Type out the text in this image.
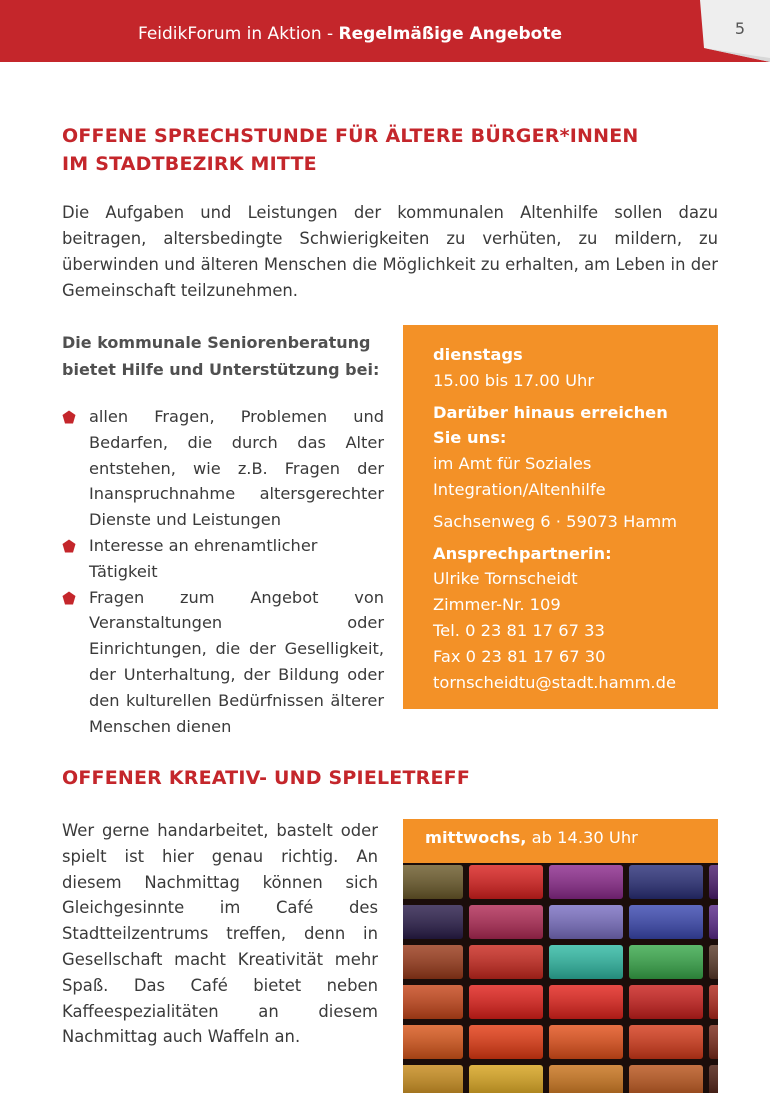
FeidikForum in Aktion - Regelmäßige Angebote	5
OFFENE SPRECHSTUNDE FÜR ÄLTERE BÜRGER*INNEN
IM STADTBEZIRK MITTE

Die Aufgaben und Leistungen der kommunalen Altenhilfe sollen dazu beitragen, altersbedingte Schwierigkeiten zu verhüten, zu mildern, zu überwinden und älteren Menschen die Möglichkeit zu erhalten, am Leben in der Gemeinschaft teilzunehmen.

Die kommunale Seniorenberatung
bietet Hilfe und Unterstützung bei:

allen Fragen, Problemen und Bedarfen, die durch das Alter entstehen, wie z.B. Fragen der Inanspruchnahme altersgerechter Dienste und Leistungen
Interesse an ehrenamtlicher Tätigkeit
Fragen zum Angebot von Veranstaltungen oder Einrichtungen, die der Geselligkeit, der Unterhaltung, der Bildung oder den kulturellen Bedürfnissen älterer Menschen dienen
dienstags
15.00 bis 17.00 Uhr
Darüber hinaus erreichen
Sie uns:
im Amt für Soziales
Integration/Altenhilfe
Sachsenweg 6 · 59073 Hamm
Ansprechpartnerin:
Ulrike Tornscheidt
Zimmer-Nr. 109
Tel. 0 23 81 17 67 33
Fax 0 23 81 17 67 30
tornscheidtu@stadt.hamm.de
OFFENER KREATIV- UND SPIELETREFF

Wer gerne handarbeitet, bastelt oder spielt ist hier genau richtig. An diesem Nachmittag können sich Gleichgesinnte im Café des Stadtteilzentrums treffen, denn in Gesellschaft macht Kreativität mehr Spaß. Das Café bietet neben Kaffeespezialitäten an diesem Nachmittag auch Waffeln an.

mittwochs, ab 14.30 Uhr
